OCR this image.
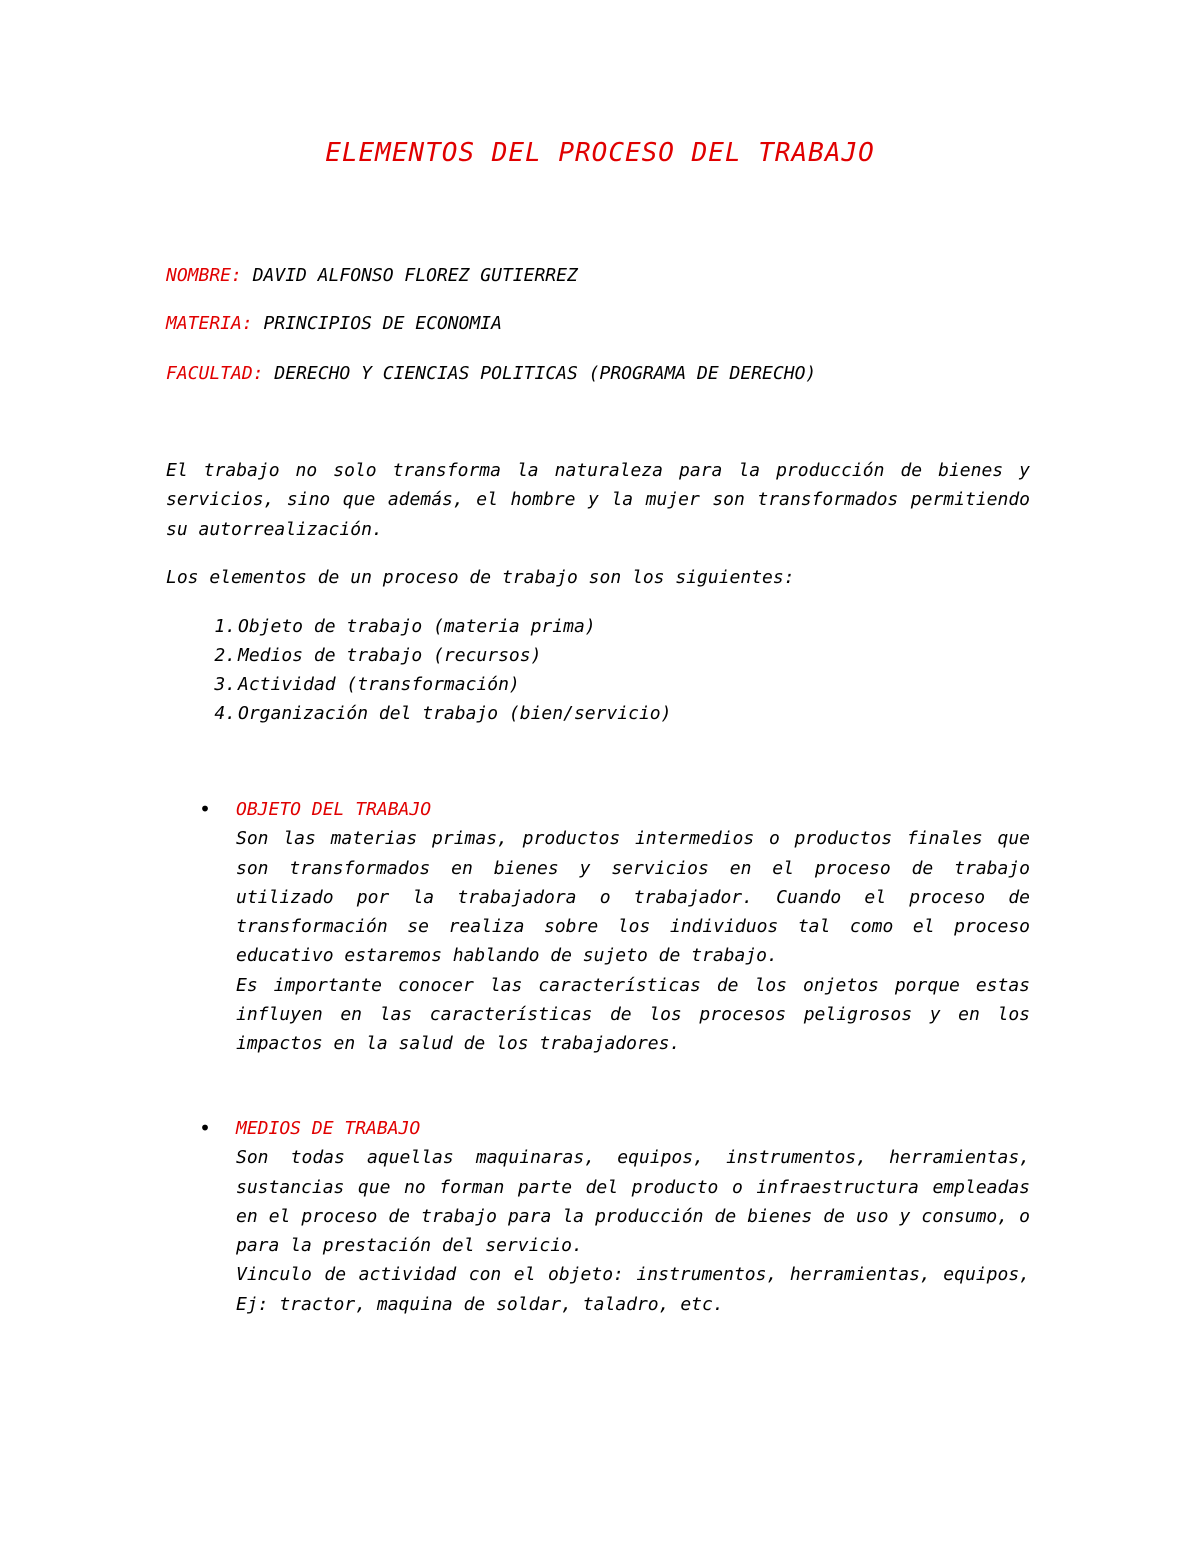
ELEMENTOS DEL PROCESO DEL TRABAJO
NOMBRE: DAVID ALFONSO FLOREZ GUTIERREZ
MATERIA: PRINCIPIOS DE ECONOMIA
FACULTAD: DERECHO Y CIENCIAS POLITICAS (PROGRAMA DE DERECHO)

El trabajo no solo transforma la naturaleza para la producción de bienes y servicios, sino que además, el hombre y la mujer son transformados permitiendo su autorrealización.

Los elementos de un proceso de trabajo son los siguientes:

1. Objeto de trabajo (materia prima)
2. Medios de trabajo (recursos)
3. Actividad (transformación)
4. Organización del trabajo (bien/servicio)
• OBJETO DEL TRABAJO

Son las materias primas, productos intermedios o productos finales que son transformados en bienes y servicios en el proceso de trabajo utilizado por la trabajadora o trabajador. Cuando el proceso de transformación se realiza sobre los individuos tal como el proceso educativo estaremos hablando de sujeto de trabajo.

Es importante conocer las características de los onjetos porque estas influyen en las características de los procesos peligrosos y en los impactos en la salud de los trabajadores.

• MEDIOS DE TRABAJO

Son todas aquellas maquinaras, equipos, instrumentos, herramientas, sustancias que no forman parte del producto o infraestructura empleadas en el proceso de trabajo para la producción de bienes de uso y consumo, o para la prestación del servicio.

Vinculo de actividad con el objeto: instrumentos, herramientas, equipos, Ej: tractor, maquina de soldar, taladro, etc.
